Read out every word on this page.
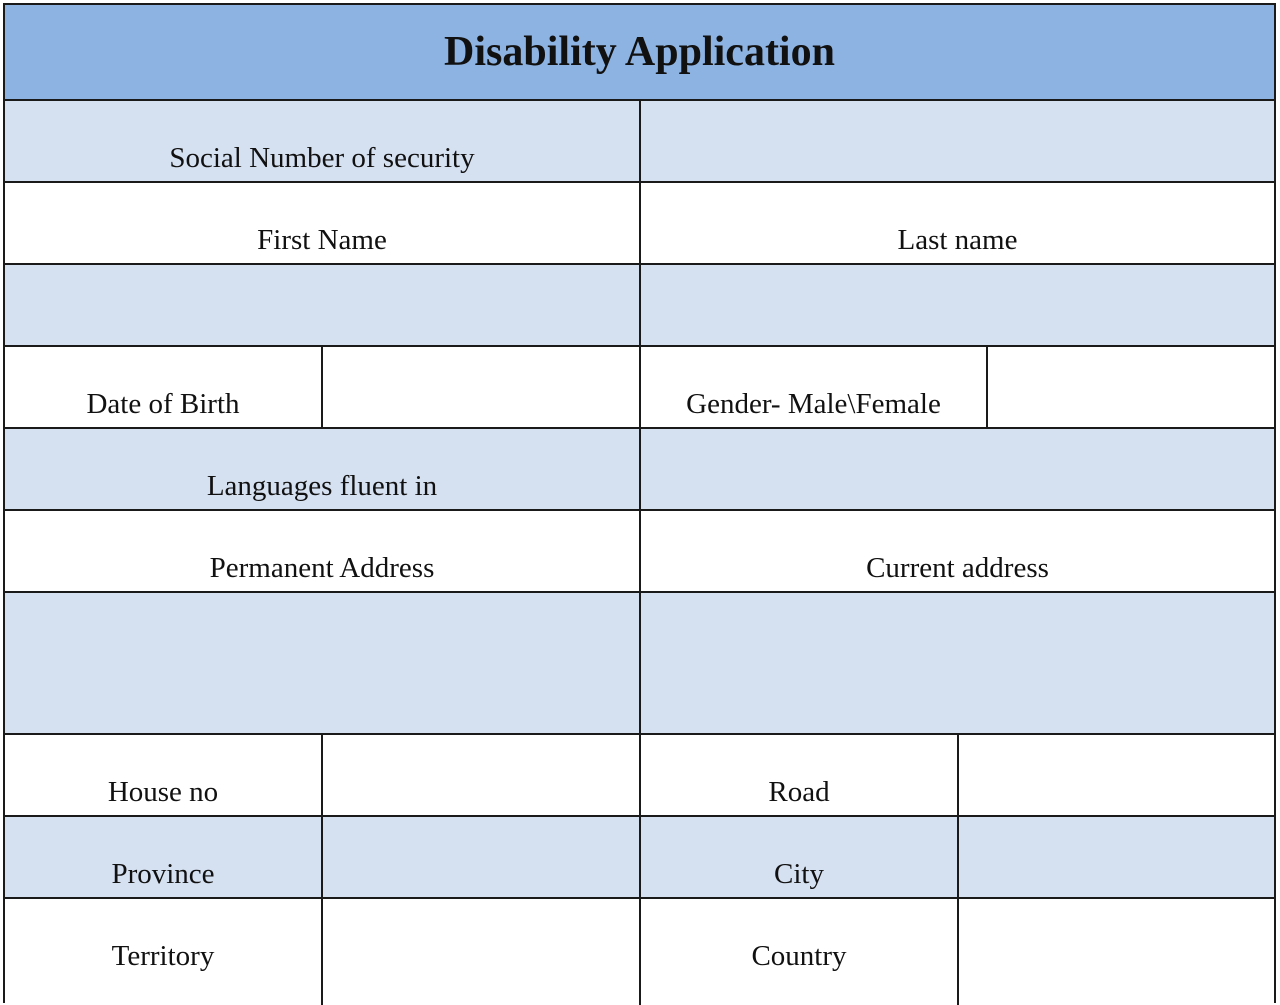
Disability Application
Social Number of security
First Name	Last name
Date of Birth	Gender- Male\Female
Languages fluent in
Permanent Address	Current address
House no	Road
Province	City
Territory	Country
